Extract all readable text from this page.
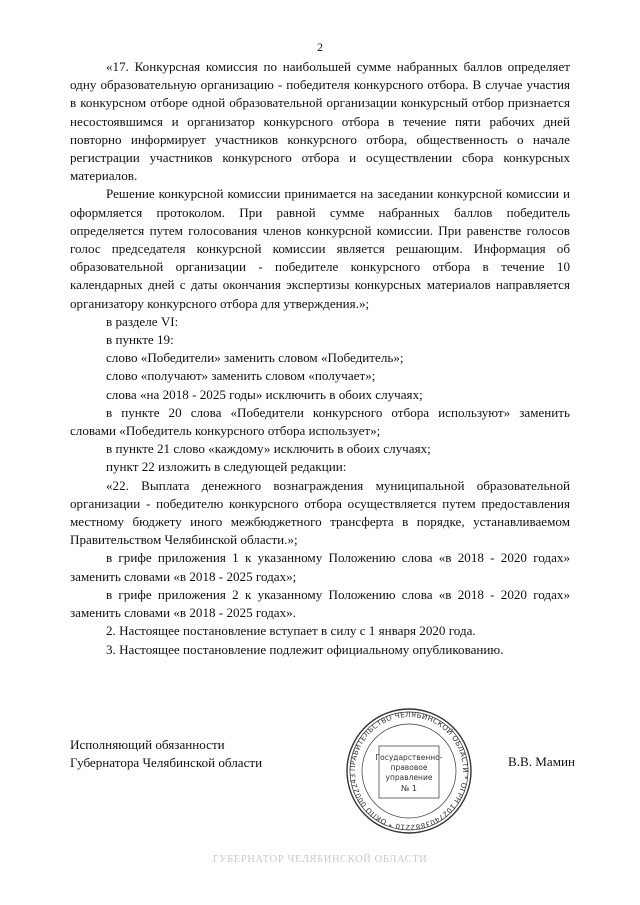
2

«17. Конкурсная комиссия по наибольшей сумме набранных баллов определяет одну образовательную организацию - победителя конкурсного отбора. В случае участия в конкурсном отборе одной образовательной организации конкурсный отбор признается несостоявшимся и организатор конкурсного отбора в течение пяти рабочих дней повторно информирует участников конкурсного отбора, общественность о начале регистрации участников конкурсного отбора и осуществлении сбора конкурсных материалов.

Решение конкурсной комиссии принимается на заседании конкурсной комиссии и оформляется протоколом. При равной сумме набранных баллов победитель определяется путем голосования членов конкурсной комиссии. При равенстве голосов голос председателя конкурсной комиссии является решающим. Информация об образовательной организации - победителе конкурсного отбора в течение 10 календарных дней с даты окончания экспертизы конкурсных материалов направляется организатору конкурсного отбора для утверждения.»;

в разделе VI:

в пункте 19:

слово «Победители» заменить словом «Победитель»;

слово «получают» заменить словом «получает»;

слова «на 2018 - 2025 годы» исключить в обоих случаях;

в пункте 20 слова «Победители конкурсного отбора используют» заменить словами «Победитель конкурсного отбора использует»;

в пункте 21 слово «каждому» исключить в обоих случаях;

пункт 22 изложить в следующей редакции:

«22. Выплата денежного вознаграждения муниципальной образовательной организации - победителю конкурсного отбора осуществляется путем предоставления местному бюджету иного межбюджетного трансферта в порядке, устанавливаемом Правительством Челябинской области.»;

в грифе приложения 1 к указанному Положению слова «в 2018 - 2020 годах» заменить словами «в 2018 - 2025 годах»;

в грифе приложения 2 к указанному Положению слова «в 2018 - 2020 годах» заменить словами «в 2018 - 2025 годах».

2. Настоящее постановление вступает в силу с 1 января 2020 года.

3. Настоящее постановление подлежит официальному опубликованию.

Исполняющий обязанности
Губернатора Челябинской области	ПРАВИТЕЛЬСТВО ЧЕЛЯБИНСКОЙ ОБЛАСТИ * ОГРН 1027403882210 * ОКПО 0002243
Государственно-
правовое
управление
№ 1
В.В. Мамин
ГУБЕРНАТОР ЧЕЛЯБИНСКОЙ ОБЛАСТИ
